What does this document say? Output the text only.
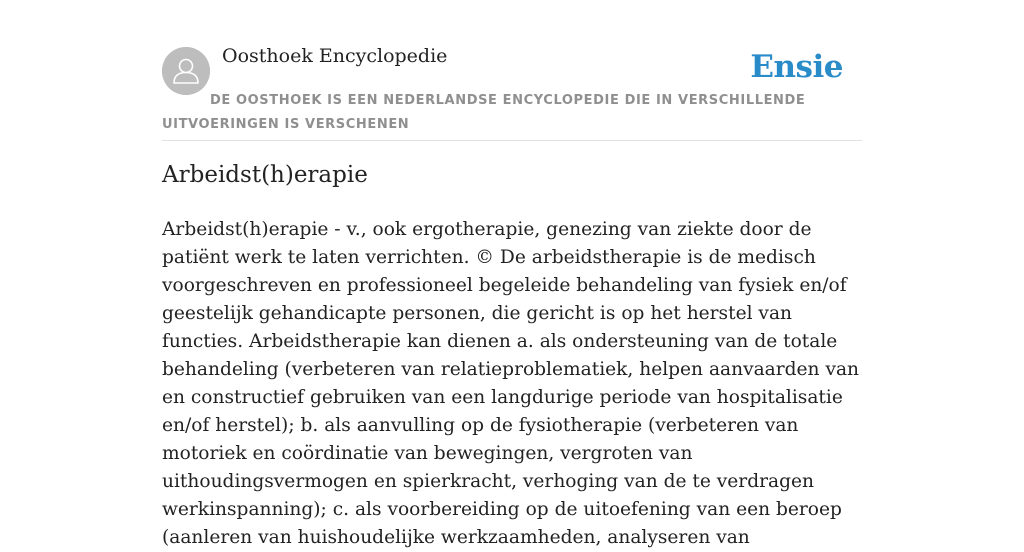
Oosthoek Encyclopedie	Ensie

DE OOSTHOEK IS EEN NEDERLANDSE ENCYCLOPEDIE DIE IN VERSCHILLENDE UITVOERINGEN IS VERSCHENEN

Arbeidst(h)erapie

Arbeidst(h)erapie - v., ook ergotherapie, genezing van ziekte door de patiënt werk te laten verrichten. © De arbeidstherapie is de medisch voorgeschreven en professioneel begeleide behandeling van fysiek en/of geestelijk gehandicapte personen, die gericht is op het herstel van functies. Arbeidstherapie kan dienen a. als ondersteuning van de totale behandeling (verbeteren van relatieproblematiek, helpen aanvaarden van en constructief gebruiken van een langdurige periode van hospitalisatie en/of herstel); b. als aanvulling op de fysiotherapie (verbeteren van motoriek en coördinatie van bewegingen, vergroten van uithoudingsvermogen en spierkracht, verhoging van de te verdragen werkinspanning); c. als voorbereiding op de uitoefening van een beroep (aanleren van huishoudelijke werkzaamheden, analyseren van
